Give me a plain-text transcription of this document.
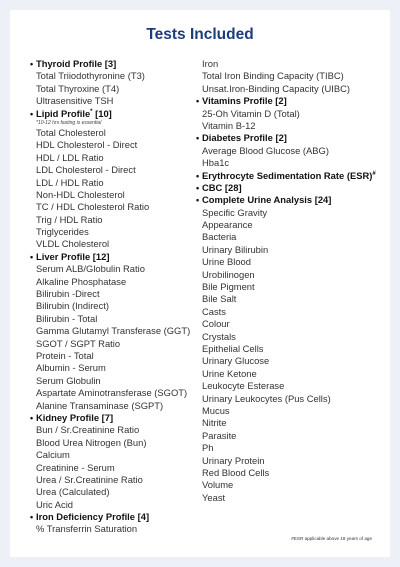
Tests Included
• Thyroid Profile [3]
Total Triiodothyronine (T3)
Total Thyroxine (T4)
Ultrasensitive TSH
• Lipid Profile* [10]
*10-12 hrs fasting is essential
Total Cholesterol
HDL Cholesterol - Direct
HDL / LDL Ratio
LDL Cholesterol - Direct
LDL / HDL Ratio
Non-HDL Cholesterol
TC / HDL Cholesterol Ratio
Trig / HDL Ratio
Triglycerides
VLDL Cholesterol
• Liver Profile [12]
Serum ALB/Globulin Ratio
Alkaline Phosphatase
Bilirubin -Direct
Bilirubin (Indirect)
Bilirubin - Total
Gamma Glutamyl Transferase (GGT)
SGOT / SGPT Ratio
Protein - Total
Albumin - Serum
Serum Globulin
Aspartate Aminotransferase (SGOT)
Alanine Transaminase (SGPT)
• Kidney Profile [7]
Bun / Sr.Creatinine Ratio
Blood Urea Nitrogen (Bun)
Calcium
Creatinine - Serum
Urea / Sr.Creatinine Ratio
Urea (Calculated)
Uric Acid
• Iron Deficiency Profile [4]
% Transferrin Saturation
Iron
Total Iron Binding Capacity (TIBC)
Unsat.Iron-Binding Capacity (UIBC)
• Vitamins Profile [2]
25-Oh Vitamin D (Total)
Vitamin B-12
• Diabetes Profile [2]
Average Blood Glucose (ABG)
Hba1c
• Erythrocyte Sedimentation Rate (ESR)#
• CBC [28]
• Complete Urine Analysis [24]
Specific Gravity
Appearance
Bacteria
Urinary Bilirubin
Urine Blood
Urobilinogen
Bile Pigment
Bile Salt
Casts
Colour
Crystals
Epithelial Cells
Urinary Glucose
Urine Ketone
Leukocyte Esterase
Urinary Leukocytes (Pus Cells)
Mucus
Nitrite
Parasite
Ph
Urinary Protein
Red Blood Cells
Volume
Yeast
#ESR applicable above 18 years of age
